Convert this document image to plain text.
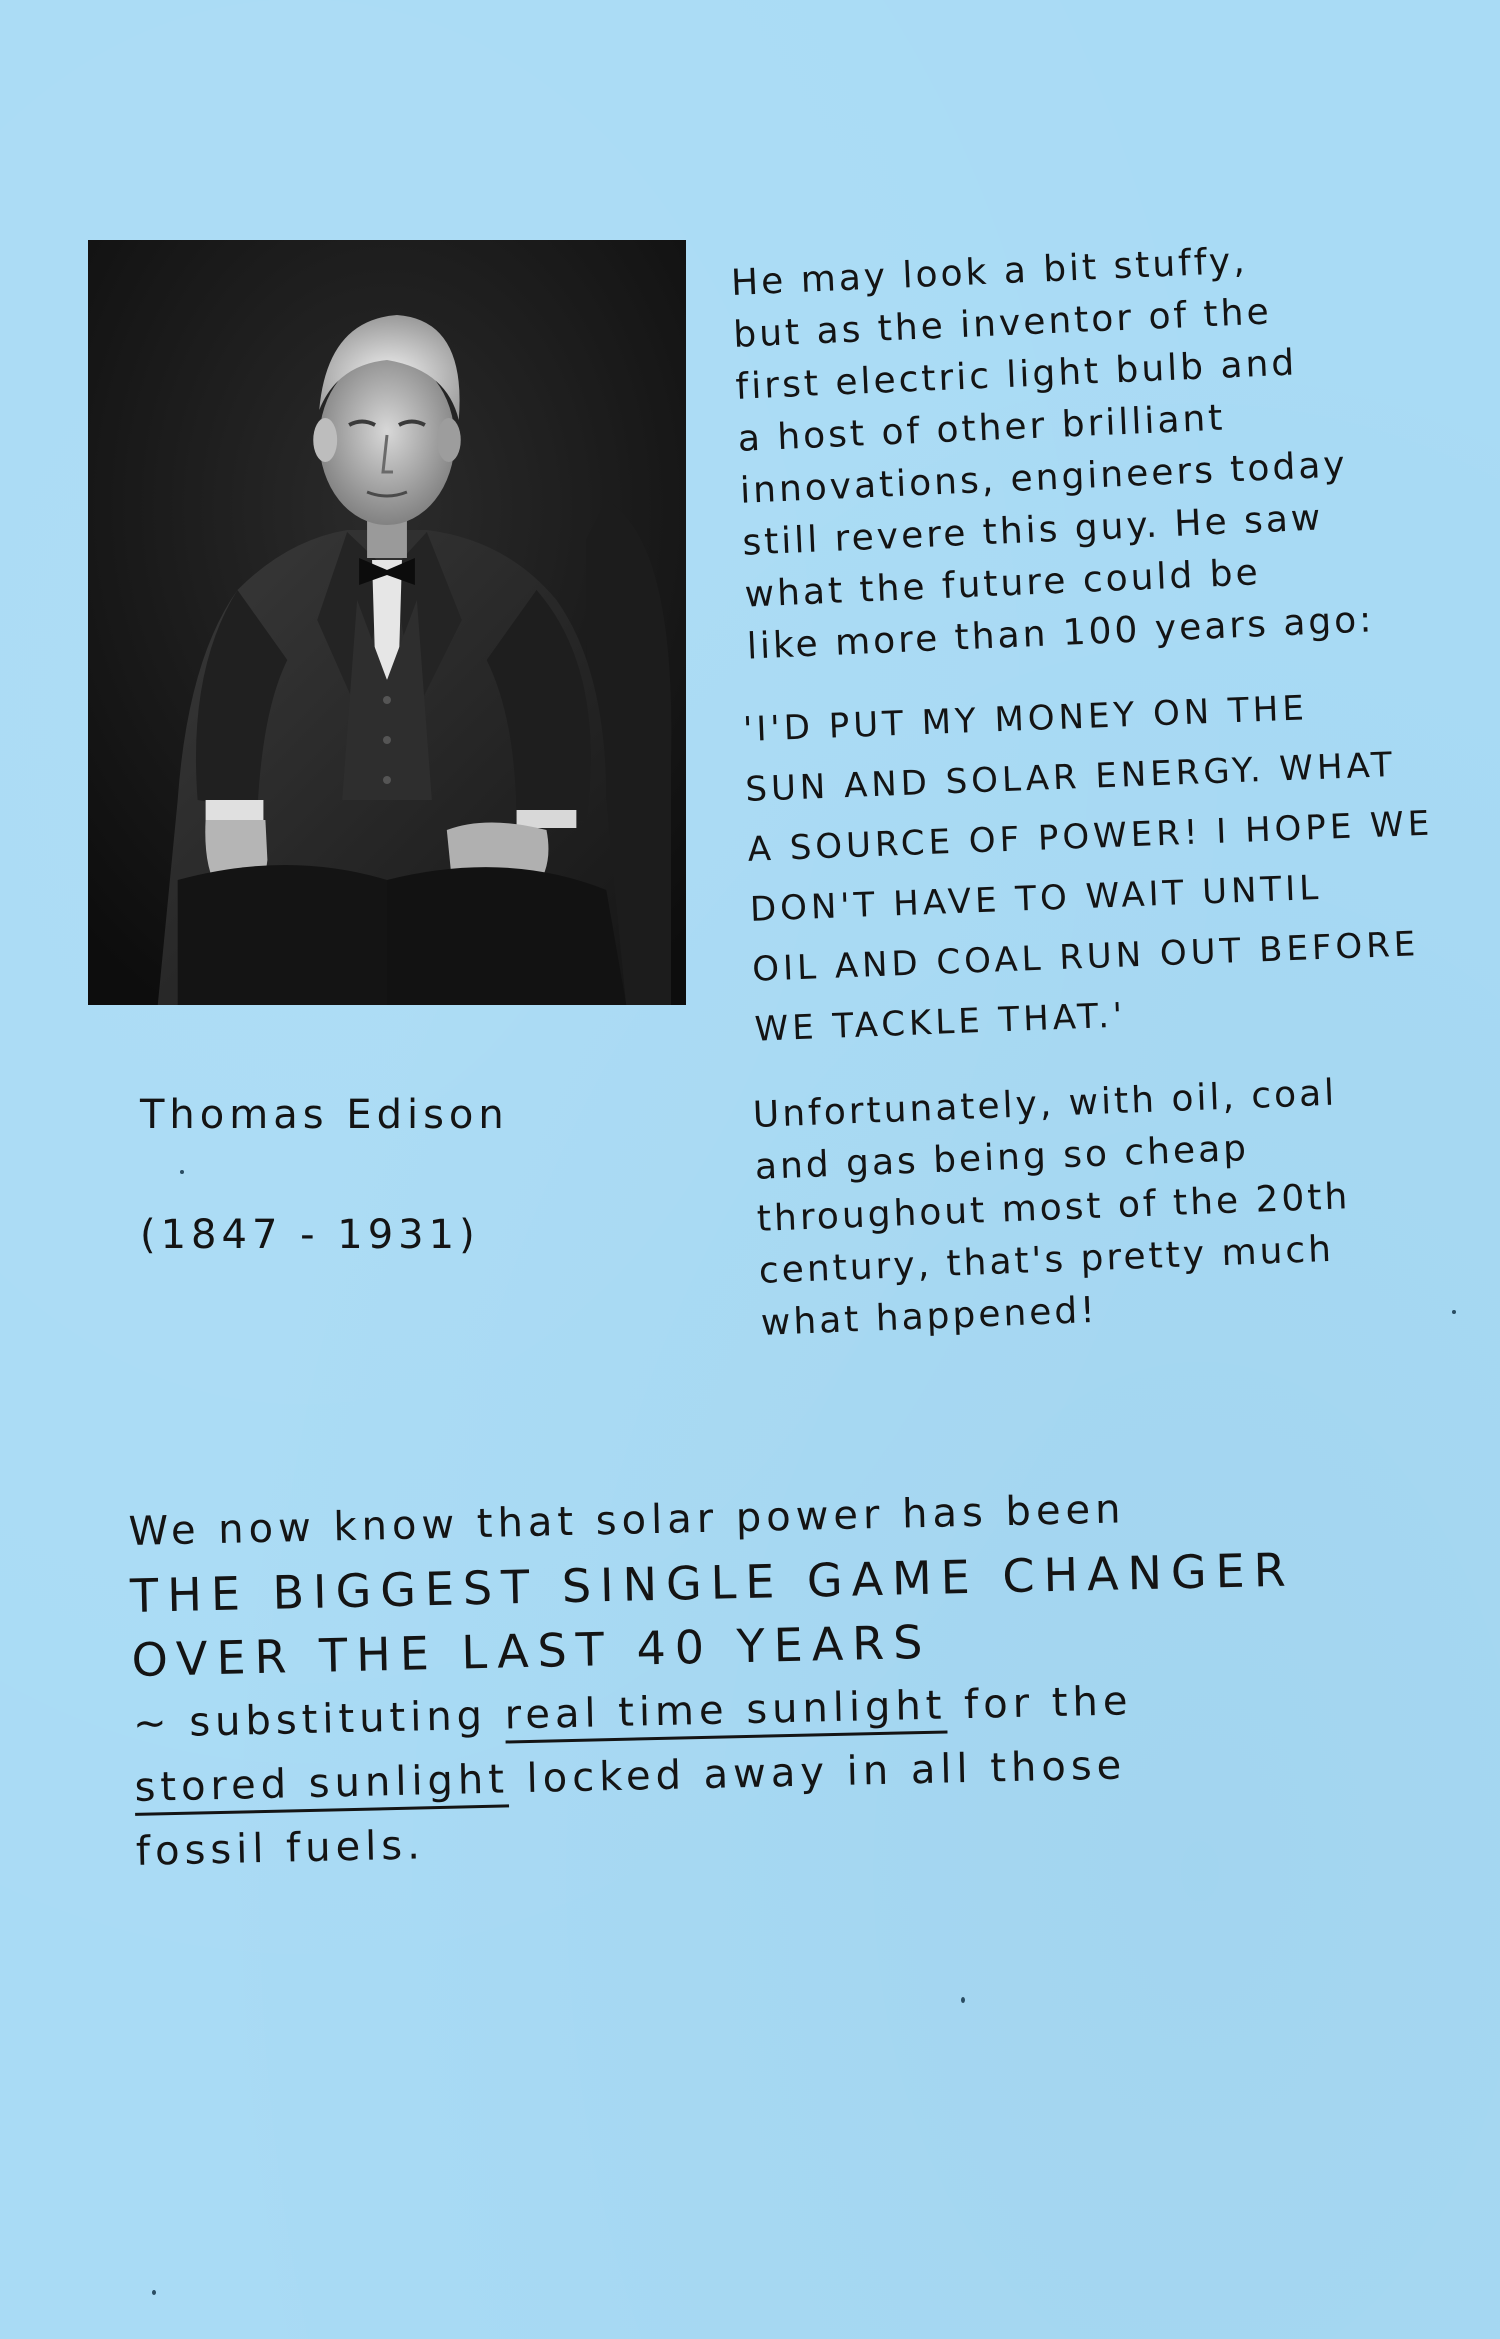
Thomas Edison

(1847 - 1931)

He may look a bit stuffy,
but as the inventor of the
first electric light bulb and
a host of other brilliant
innovations, engineers today
still revere this guy. He saw
what the future could be
like more than 100 years ago:
'I'D PUT MY MONEY ON THE
SUN AND SOLAR ENERGY. WHAT
A SOURCE OF POWER! I HOPE WE
DON'T HAVE TO WAIT UNTIL
OIL AND COAL RUN OUT BEFORE
WE TACKLE THAT.'
Unfortunately, with oil, coal
and gas being so cheap
throughout most of the 20th
century, that's pretty much
what happened!
We now know that solar power has been
THE BIGGEST SINGLE GAME CHANGER
OVER THE LAST 40 YEARS
~ substituting real time sunlight for the
stored sunlight locked away in all those
fossil fuels.
